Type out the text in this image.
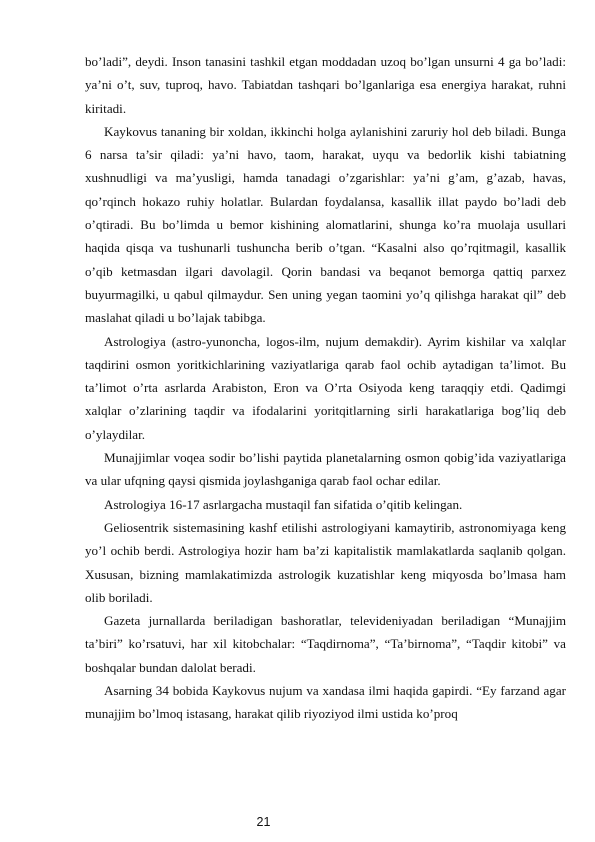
bo’ladi”, deydi. Inson tanasini tashkil etgan moddadan uzoq bo’lgan unsurni 4 ga bo’ladi: ya’ni o’t, suv, tuproq, havo. Tabiatdan tashqari bo’lganlariga esa energiya harakat, ruhni kiritadi.

Kaykovus tananing bir xoldan, ikkinchi holga aylanishini zaruriy hol deb biladi. Bunga 6 narsa ta’sir qiladi: ya’ni havo, taom, harakat, uyqu va bedorlik kishi tabiatning xushnudligi va ma’yusligi, hamda tanadagi o’zgarishlar: ya’ni g’am, g’azab, havas, qo’rqinch hokazo ruhiy holatlar. Bulardan foydalansa, kasallik illat paydo bo’ladi deb o’qtiradi. Bu bo’limda u bemor kishining alomatlarini, shunga ko’ra muolaja usullari haqida qisqa va tushunarli tushuncha berib o’tgan. “Kasalni also qo’rqitmagil, kasallik o’qib ketmasdan ilgari davolagil. Qorin bandasi va beqanot bemorga qattiq parxez buyurmagilki, u qabul qilmaydur. Sen uning yegan taomini yo’q qilishga harakat qil” deb maslahat qiladi u bo’lajak tabibga.

Astrologiya (astro-yunoncha, logos-ilm, nujum demakdir). Ayrim kishilar va xalqlar taqdirini osmon yoritkichlarining vaziyatlariga qarab faol ochib aytadigan ta’limot. Bu ta’limot o’rta asrlarda Arabiston, Eron va O’rta Osiyoda keng taraqqiy etdi. Qadimgi xalqlar o’zlarining taqdir va ifodalarini yoritqitlarning sirli harakatlariga bog’liq deb o’ylaydilar.

Munajjimlar voqea sodir bo’lishi paytida planetalarning osmon qobig’ida vaziyatlariga va ular ufqning qaysi qismida joylashganiga qarab faol ochar edilar.

Astrologiya 16-17 asrlargacha mustaqil fan sifatida o’qitib kelingan.

Geliosentrik sistemasining kashf etilishi astrologiyani kamaytirib, astronomiyaga keng yo’l ochib berdi. Astrologiya hozir ham ba’zi kapitalistik mamlakatlarda saqlanib qolgan. Xususan, bizning mamlakatimizda astrologik kuzatishlar keng miqyosda bo’lmasa ham olib boriladi.

Gazeta jurnallarda beriladigan bashoratlar, televideniyadan beriladigan “Munajjim ta’biri” ko’rsatuvi, har xil kitobchalar: “Taqdirnoma”, “Ta’birnoma”, “Taqdir kitobi” va boshqalar bundan dalolat beradi.

Asarning 34 bobida Kaykovus nujum va xandasa ilmi haqida gapirdi. “Ey farzand agar munajjim bo’lmoq istasang, harakat qilib riyoziyod ilmi ustida ko’proq

21
